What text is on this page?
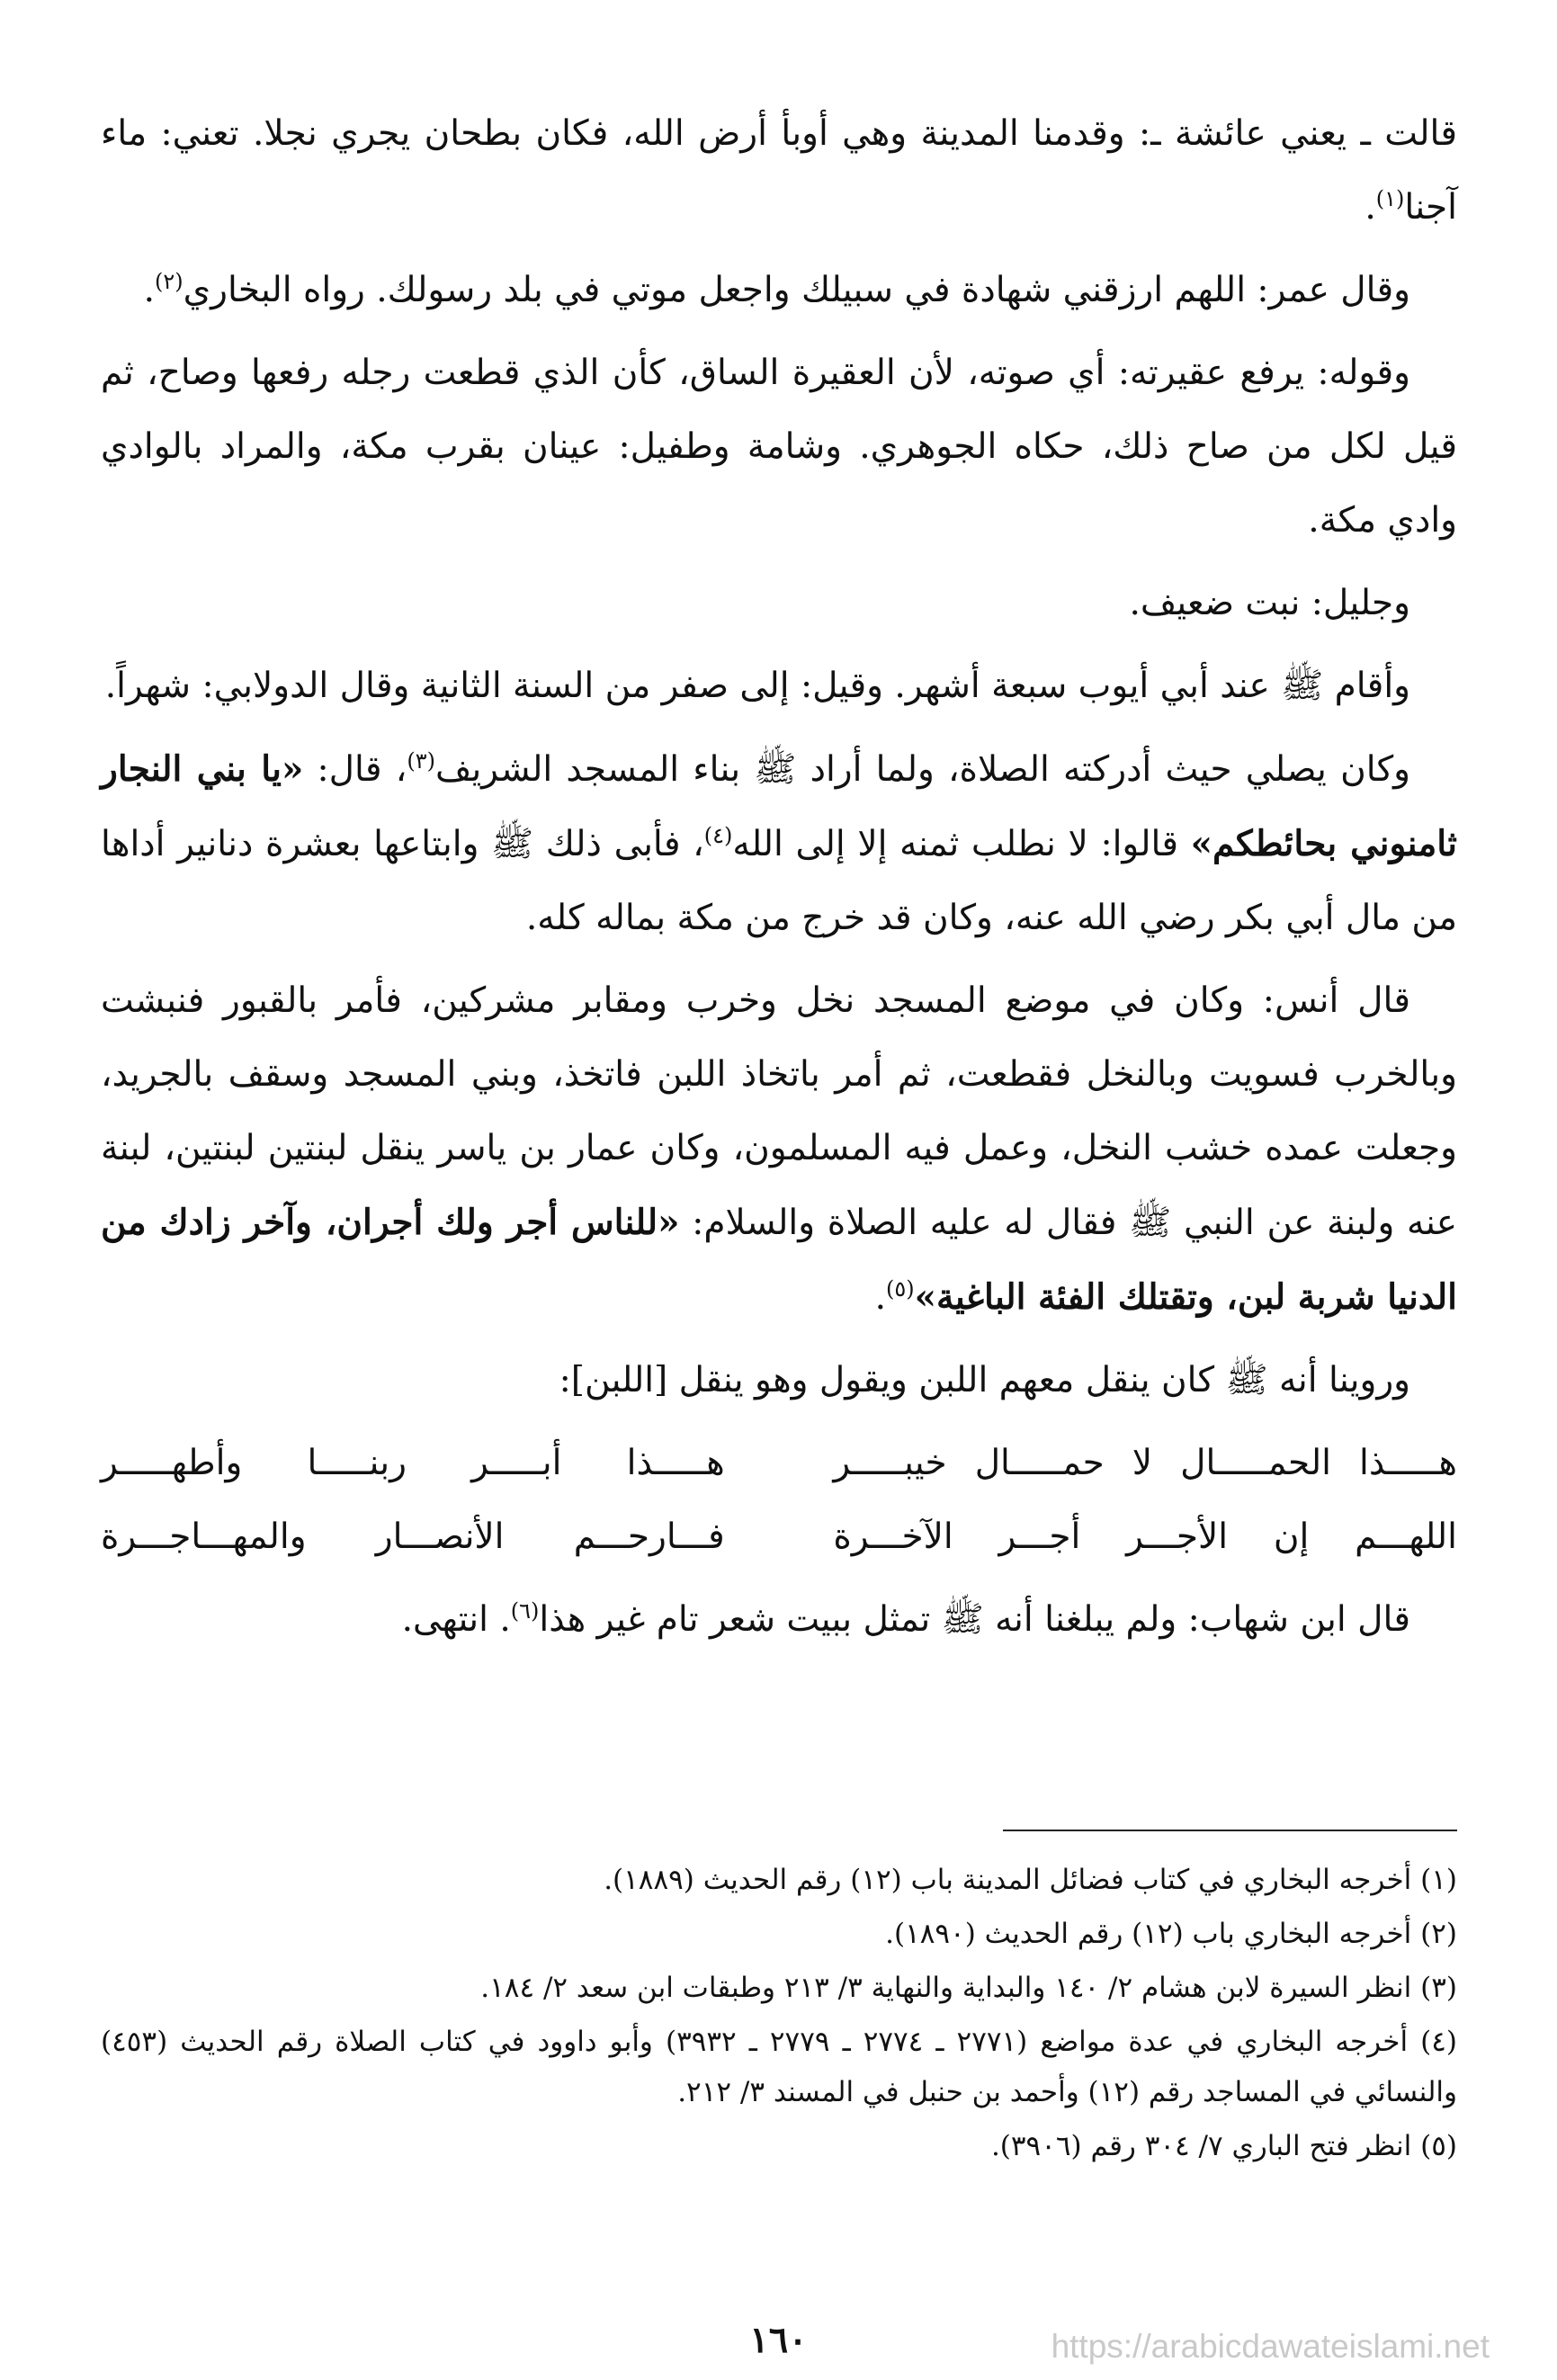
قالت ـ يعني عائشة ـ: وقدمنا المدينة وهي أوبأ أرض الله، فكان بطحان يجري نجلا. تعني: ماء آجنا$^{(١)}$.

وقال عمر: اللهم ارزقني شهادة في سبيلك واجعل موتي في بلد رسولك. رواه البخاري$^{(٢)}$.

وقوله: يرفع عقيرته: أي صوته، لأن العقيرة الساق، كأن الذي قطعت رجله رفعها وصاح، ثم قيل لكل من صاح ذلك، حكاه الجوهري. وشامة وطفيل: عينان بقرب مكة، والمراد بالوادي وادي مكة.

وجليل: نبت ضعيف.

وأقام ﷺ عند أبي أيوب سبعة أشهر. وقيل: إلى صفر من السنة الثانية وقال الدولابي: شهراً.

وكان يصلي حيث أدركته الصلاة، ولما أراد ﷺ بناء المسجد الشريف$^{(٣)}$، قال: «يا بني النجار ثامنوني بحائطكم» قالوا: لا نطلب ثمنه إلا إلى الله$^{(٤)}$، فأبى ذلك ﷺ وابتاعها بعشرة دنانير أداها من مال أبي بكر رضي الله عنه، وكان قد خرج من مكة بماله كله.

قال أنس: وكان في موضع المسجد نخل وخرب ومقابر مشركين، فأمر بالقبور فنبشت وبالخرب فسويت وبالنخل فقطعت، ثم أمر باتخاذ اللبن فاتخذ، وبني المسجد وسقف بالجريد، وجعلت عمده خشب النخل، وعمل فيه المسلمون، وكان عمار بن ياسر ينقل لبنتين لبنتين، لبنة عنه ولبنة عن النبي ﷺ فقال له عليه الصلاة والسلام: «للناس أجر ولك أجران، وآخر زادك من الدنيا شربة لبن، وتقتلك الفئة الباغية»$^{(٥)}$.

وروينا أنه ﷺ كان ينقل معهم اللبن ويقول وهو ينقل [اللبن]:

هـــــذا الحمـــــال لا حمـــــال خيبـــــر
هـــــذا أبـــــر ربنـــــا وأطهـــــر
اللهـــم إن الأجـــر أجـــر الآخـــرة
فـــارحـــم الأنصـــار والمهـــاجـــرة

قال ابن شهاب: ولم يبلغنا أنه ﷺ تمثل ببيت شعر تام غير هذا$^{(٦)}$. انتهى.

(١) أخرجه البخاري في كتاب فضائل المدينة باب (١٢) رقم الحديث (١٨٨٩).
(٢) أخرجه البخاري باب (١٢) رقم الحديث (١٨٩٠).
(٣) انظر السيرة لابن هشام ٢/ ١٤٠ والبداية والنهاية ٣/ ٢١٣ وطبقات ابن سعد ٢/ ١٨٤.
(٤) أخرجه البخاري في عدة مواضع (٢٧٧١ ـ ٢٧٧٤ ـ ٢٧٧٩ ـ ٣٩٣٢) وأبو داوود في كتاب الصلاة رقم الحديث (٤٥٣) والنسائي في المساجد رقم (١٢) وأحمد بن حنبل في المسند ٣/ ٢١٢.
(٥) انظر فتح الباري ٧/ ٣٠٤ رقم (٣٩٠٦).
١٦٠	https://arabicdawateislami.net
